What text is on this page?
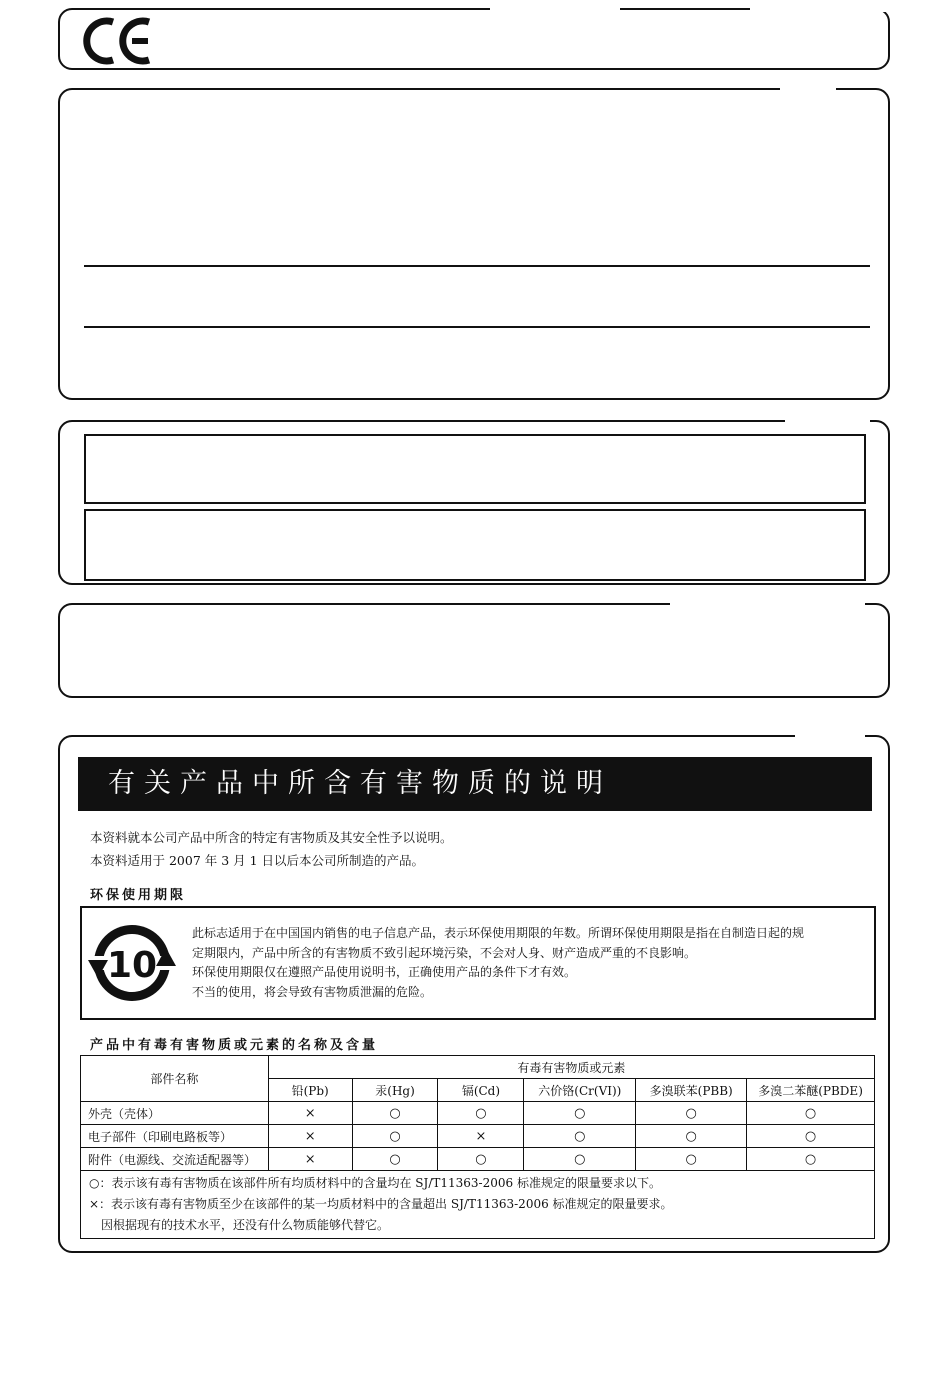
有关产品中所含有害物质的说明
本资料就本公司产品中所含的特定有害物质及其安全性予以说明。
本资料适用于 2007 年 3 月 1 日以后本公司所制造的产品。
环保使用期限
10
此标志适用于在中国国内销售的电子信息产品，表示环保使用期限的年数。所谓环保使用期限是指在自制造日起的规
定期限内，产品中所含的有害物质不致引起环境污染，不会对人身、财产造成严重的不良影响。
环保使用期限仅在遵照产品使用说明书，正确使用产品的条件下才有效。
不当的使用，将会导致有害物质泄漏的危险。
产品中有毒有害物质或元素的名称及含量
部件名称	有毒有害物质或元素					
	铅(Pb)	汞(Hg)	镉(Cd)	六价铬(Cr(VI))	多溴联苯(PBB)	多溴二苯醚(PBDE)
外壳（壳体）	×	○	○	○	○	○
电子部件（印刷电路板等）	×	○	×	○	○	○
附件（电源线、交流适配器等）	×	○	○	○	○	○

○：表示该有毒有害物质在该部件所有均质材料中的含量均在 SJ/T11363-2006 标准规定的限量要求以下。
×：表示该有毒有害物质至少在该部件的某一均质材料中的含量超出 SJ/T11363-2006 标准规定的限量要求。
　因根据现有的技术水平，还没有什么物质能够代替它。						
